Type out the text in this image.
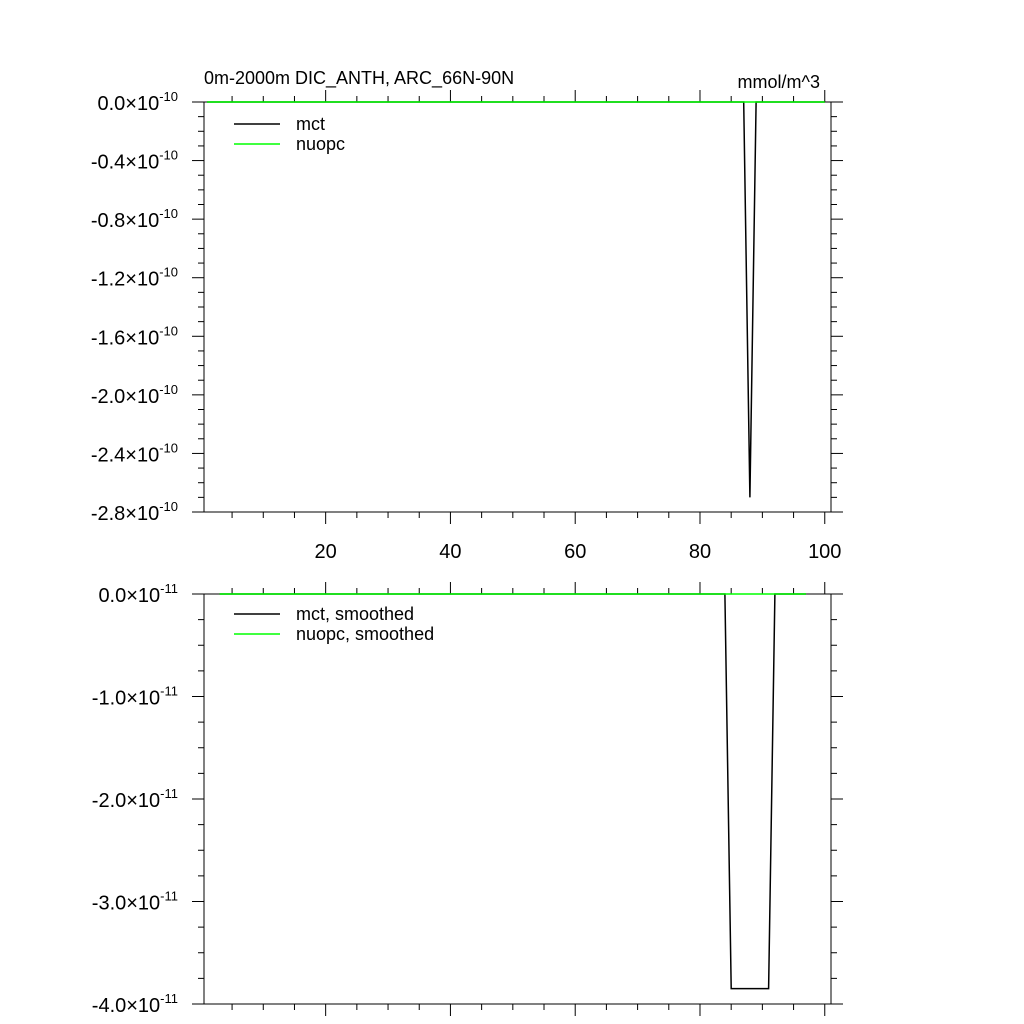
0m-2000m DIC_ANTH, ARC_66N-90N	mmol/m^3
20	40	60	80	100
$0.0\times 10^{-10}$
$-0.4\times 10^{-10}$
$-0.8\times 10^{-10}$
$-1.2\times 10^{-10}$
$-1.6\times 10^{-10}$
$-2.0\times 10^{-10}$
$-2.4\times 10^{-10}$
$-2.8\times 10^{-10}$
mct
nuopc
$0.0\times 10^{-11}$
$-1.0\times 10^{-11}$
$-2.0\times 10^{-11}$
$-3.0\times 10^{-11}$
$-4.0\times 10^{-11}$
mct, smoothed
nuopc, smoothed
